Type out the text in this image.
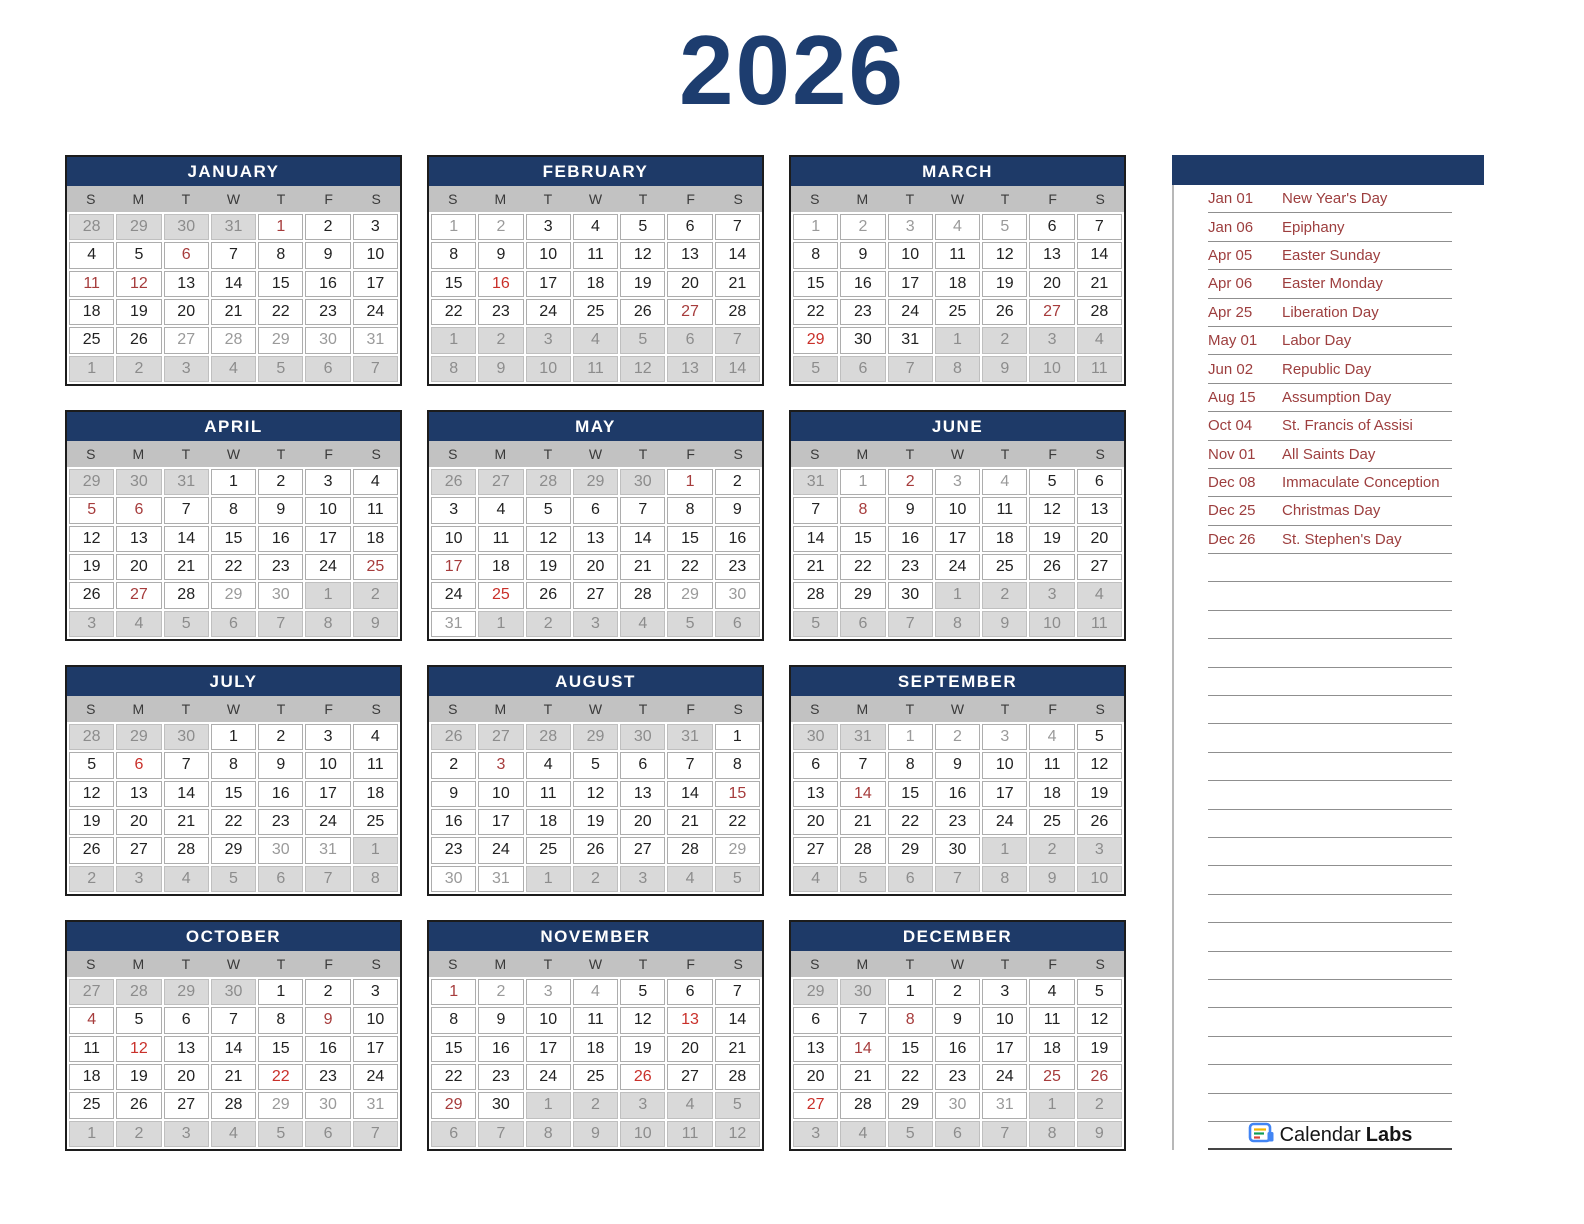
2026
JANUARY
S	M	T	W	T	F	S
28	29	30	31	1	2	3
4	5	6	7	8	9	10
11	12	13	14	15	16	17
18	19	20	21	22	23	24
25	26	27	28	29	30	31
1	2	3	4	5	6	7
FEBRUARY
S	M	T	W	T	F	S
1	2	3	4	5	6	7
8	9	10	11	12	13	14
15	16	17	18	19	20	21
22	23	24	25	26	27	28
1	2	3	4	5	6	7
8	9	10	11	12	13	14
MARCH
S	M	T	W	T	F	S
1	2	3	4	5	6	7
8	9	10	11	12	13	14
15	16	17	18	19	20	21
22	23	24	25	26	27	28
29	30	31	1	2	3	4
5	6	7	8	9	10	11
APRIL
S	M	T	W	T	F	S
29	30	31	1	2	3	4
5	6	7	8	9	10	11
12	13	14	15	16	17	18
19	20	21	22	23	24	25
26	27	28	29	30	1	2
3	4	5	6	7	8	9
MAY
S	M	T	W	T	F	S
26	27	28	29	30	1	2
3	4	5	6	7	8	9
10	11	12	13	14	15	16
17	18	19	20	21	22	23
24	25	26	27	28	29	30
31	1	2	3	4	5	6
JUNE
S	M	T	W	T	F	S
31	1	2	3	4	5	6
7	8	9	10	11	12	13
14	15	16	17	18	19	20
21	22	23	24	25	26	27
28	29	30	1	2	3	4
5	6	7	8	9	10	11
JULY
S	M	T	W	T	F	S
28	29	30	1	2	3	4
5	6	7	8	9	10	11
12	13	14	15	16	17	18
19	20	21	22	23	24	25
26	27	28	29	30	31	1
2	3	4	5	6	7	8
AUGUST
S	M	T	W	T	F	S
26	27	28	29	30	31	1
2	3	4	5	6	7	8
9	10	11	12	13	14	15
16	17	18	19	20	21	22
23	24	25	26	27	28	29
30	31	1	2	3	4	5
SEPTEMBER
S	M	T	W	T	F	S
30	31	1	2	3	4	5
6	7	8	9	10	11	12
13	14	15	16	17	18	19
20	21	22	23	24	25	26
27	28	29	30	1	2	3
4	5	6	7	8	9	10
OCTOBER
S	M	T	W	T	F	S
27	28	29	30	1	2	3
4	5	6	7	8	9	10
11	12	13	14	15	16	17
18	19	20	21	22	23	24
25	26	27	28	29	30	31
1	2	3	4	5	6	7
NOVEMBER
S	M	T	W	T	F	S
1	2	3	4	5	6	7
8	9	10	11	12	13	14
15	16	17	18	19	20	21
22	23	24	25	26	27	28
29	30	1	2	3	4	5
6	7	8	9	10	11	12
DECEMBER
S	M	T	W	T	F	S
29	30	1	2	3	4	5
6	7	8	9	10	11	12
13	14	15	16	17	18	19
20	21	22	23	24	25	26
27	28	29	30	31	1	2
3	4	5	6	7	8	9
Jan 01	New Year's Day
Jan 06	Epiphany
Apr 05	Easter Sunday
Apr 06	Easter Monday
Apr 25	Liberation Day
May 01	Labor Day
Jun 02	Republic Day
Aug 15	Assumption Day
Oct 04	St. Francis of Assisi
Nov 01	All Saints Day
Dec 08	Immaculate Conception
Dec 25	Christmas Day
Dec 26	St. Stephen's Day
Calendar Labs
